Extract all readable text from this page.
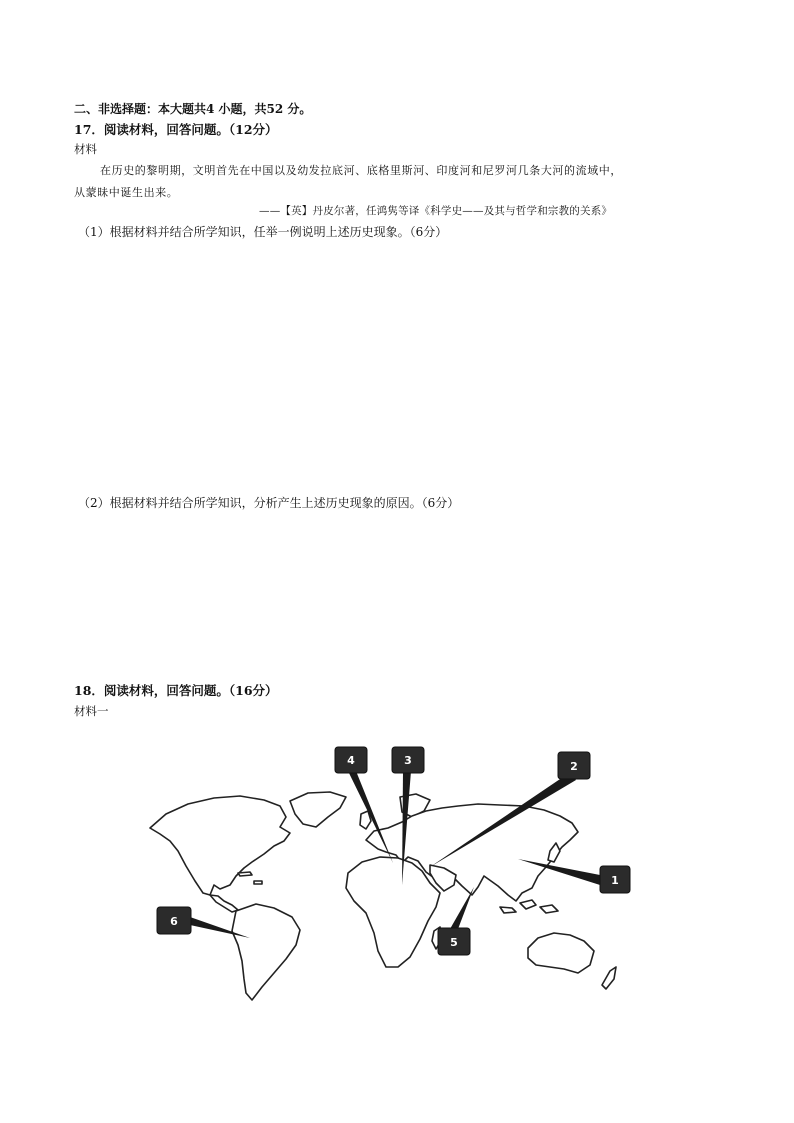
二、非选择题：本大题共4 小题，共52 分。
17．阅读材料，回答问题。（12分）
材料
在历史的黎明期，文明首先在中国以及幼发拉底河、底格里斯河、印度河和尼罗河几条大河的流域中，
从蒙昧中诞生出来。
——【英】丹皮尔著，任鸿隽等译《科学史——及其与哲学和宗教的关系》
（1）根据材料并结合所学知识，任举一例说明上述历史现象。（6分）
（2）根据材料并结合所学知识，分析产生上述历史现象的原因。（6分）
18．阅读材料，回答问题。（16分）
材料一
1
2
3
4
5
6
